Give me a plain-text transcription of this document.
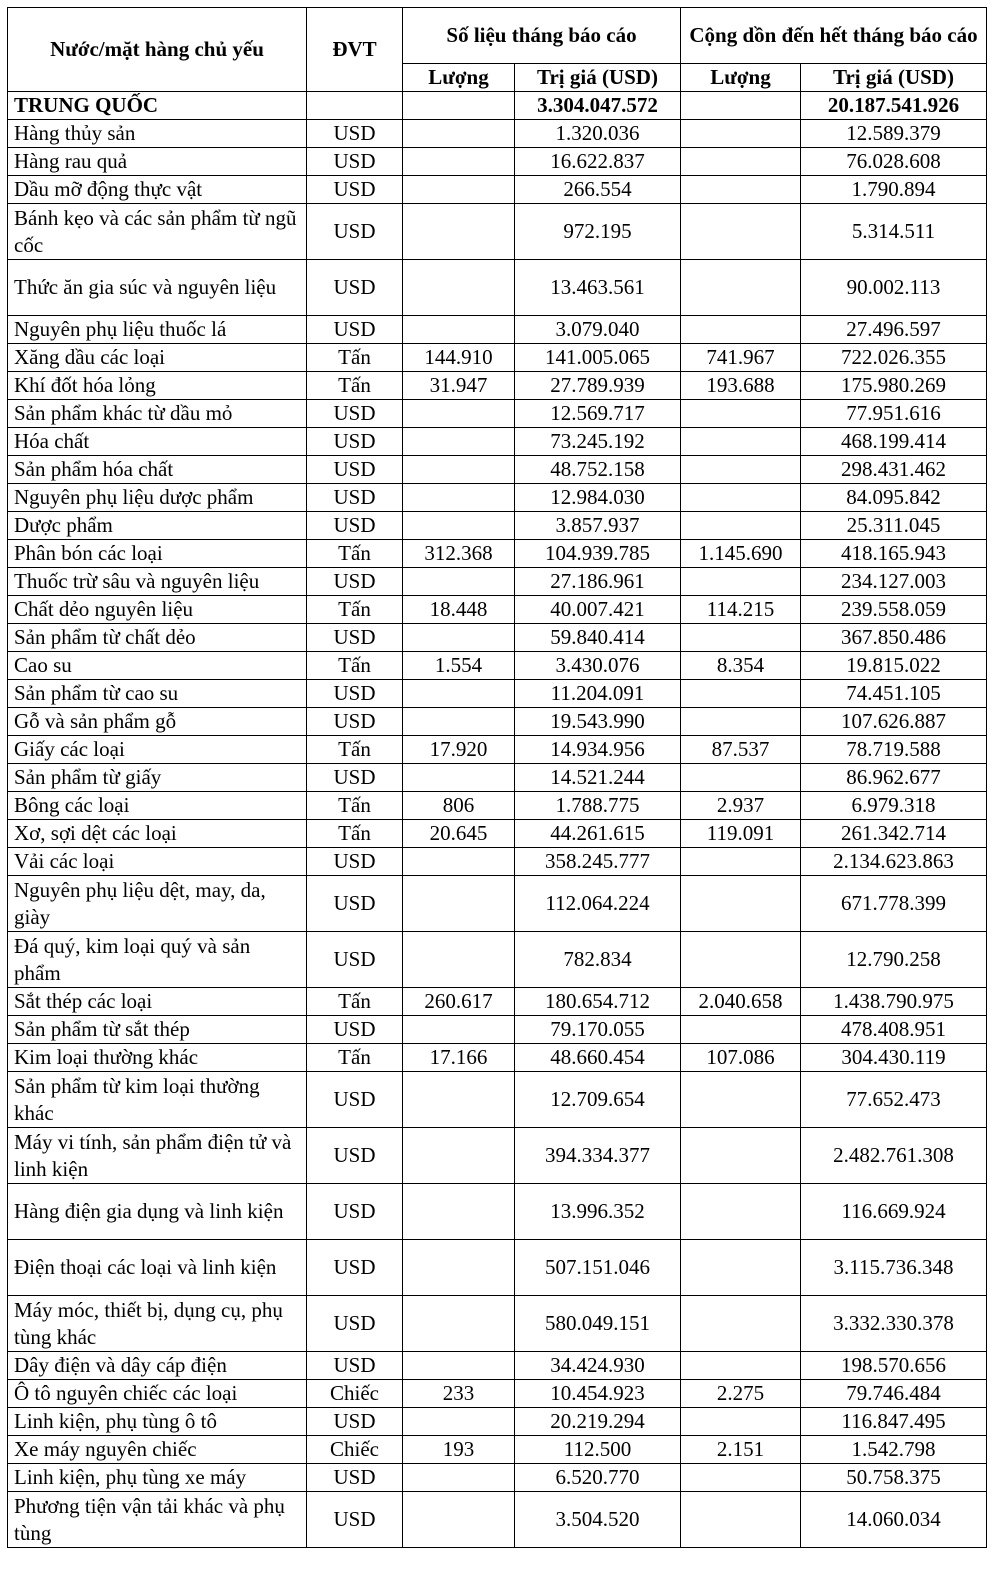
Nước/mặt hàng chủ yếu	ĐVT	Số liệu tháng báo cáo		Cộng dồn đến hết tháng báo cáo	
		Lượng	Trị giá (USD)	Lượng	Trị giá (USD)
TRUNG QUỐC			3.304.047.572		20.187.541.926
Hàng thủy sản	USD		1.320.036		12.589.379
Hàng rau quả	USD		16.622.837		76.028.608
Dầu mỡ động thực vật	USD		266.554		1.790.894
Bánh kẹo và các sản phẩm từ ngũ cốc	USD		972.195		5.314.511
Thức ăn gia súc và nguyên liệu	USD		13.463.561		90.002.113
Nguyên phụ liệu thuốc lá	USD		3.079.040		27.496.597
Xăng dầu các loại	Tấn	144.910	141.005.065	741.967	722.026.355
Khí đốt hóa lỏng	Tấn	31.947	27.789.939	193.688	175.980.269
Sản phẩm khác từ dầu mỏ	USD		12.569.717		77.951.616
Hóa chất	USD		73.245.192		468.199.414
Sản phẩm hóa chất	USD		48.752.158		298.431.462
Nguyên phụ liệu dược phẩm	USD		12.984.030		84.095.842
Dược phẩm	USD		3.857.937		25.311.045
Phân bón các loại	Tấn	312.368	104.939.785	1.145.690	418.165.943
Thuốc trừ sâu và nguyên liệu	USD		27.186.961		234.127.003
Chất dẻo nguyên liệu	Tấn	18.448	40.007.421	114.215	239.558.059
Sản phẩm từ chất dẻo	USD		59.840.414		367.850.486
Cao su	Tấn	1.554	3.430.076	8.354	19.815.022
Sản phẩm từ cao su	USD		11.204.091		74.451.105
Gỗ và sản phẩm gỗ	USD		19.543.990		107.626.887
Giấy các loại	Tấn	17.920	14.934.956	87.537	78.719.588
Sản phẩm từ giấy	USD		14.521.244		86.962.677
Bông các loại	Tấn	806	1.788.775	2.937	6.979.318
Xơ, sợi dệt các loại	Tấn	20.645	44.261.615	119.091	261.342.714
Vải các loại	USD		358.245.777		2.134.623.863
Nguyên phụ liệu dệt, may, da, giày	USD		112.064.224		671.778.399
Đá quý, kim loại quý và sản phẩm	USD		782.834		12.790.258
Sắt thép các loại	Tấn	260.617	180.654.712	2.040.658	1.438.790.975
Sản phẩm từ sắt thép	USD		79.170.055		478.408.951
Kim loại thường khác	Tấn	17.166	48.660.454	107.086	304.430.119
Sản phẩm từ kim loại thường khác	USD		12.709.654		77.652.473
Máy vi tính, sản phẩm điện tử và linh kiện	USD		394.334.377		2.482.761.308
Hàng điện gia dụng và linh kiện	USD		13.996.352		116.669.924
Điện thoại các loại và linh kiện	USD		507.151.046		3.115.736.348
Máy móc, thiết bị, dụng cụ, phụ tùng khác	USD		580.049.151		3.332.330.378
Dây điện và dây cáp điện	USD		34.424.930		198.570.656
Ô tô nguyên chiếc các loại	Chiếc	233	10.454.923	2.275	79.746.484
Linh kiện, phụ tùng ô tô	USD		20.219.294		116.847.495
Xe máy nguyên chiếc	Chiếc	193	112.500	2.151	1.542.798
Linh kiện, phụ tùng xe máy	USD		6.520.770		50.758.375
Phương tiện vận tải khác và phụ tùng	USD		3.504.520		14.060.034
